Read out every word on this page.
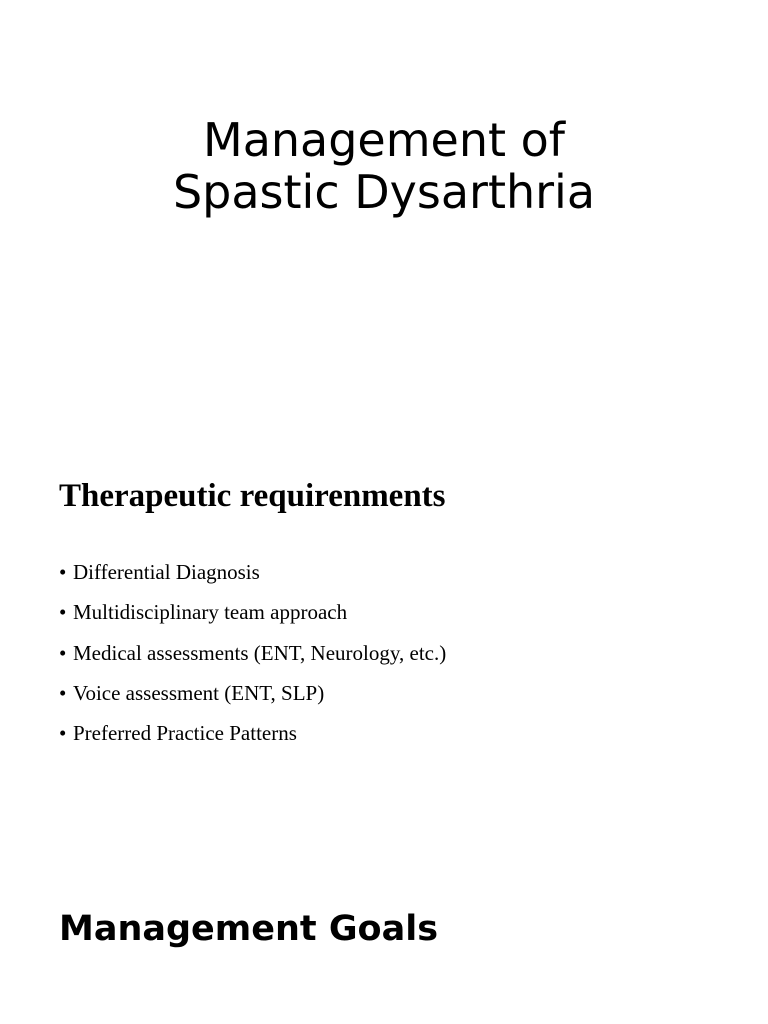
Management of
Spastic Dysarthria
Therapeutic requirenments
• Differential Diagnosis
• Multidisciplinary team approach
• Medical assessments (ENT, Neurology, etc.)
• Voice assessment (ENT, SLP)
• Preferred Practice Patterns
Management Goals
